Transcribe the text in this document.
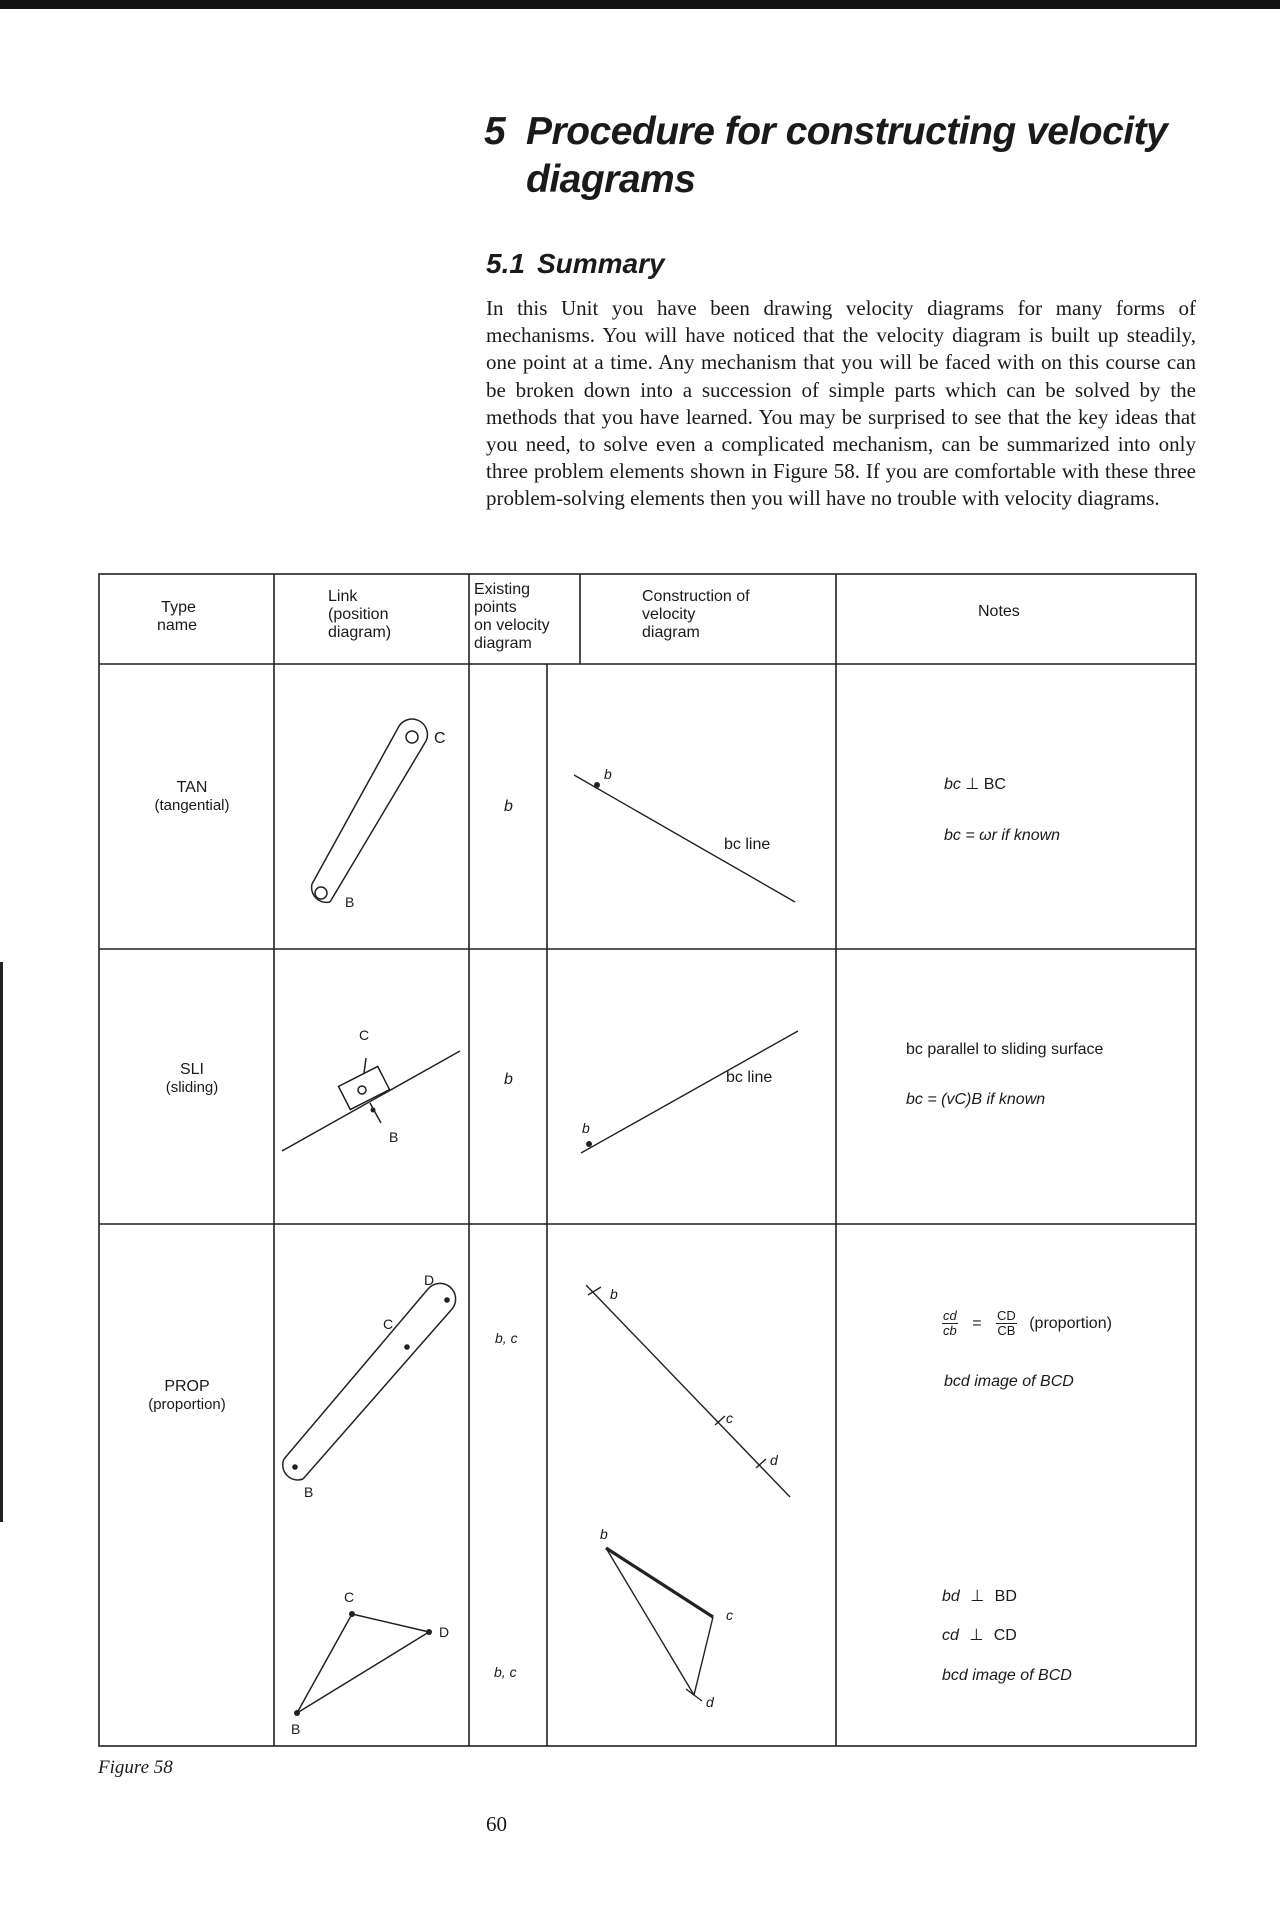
5 Procedure for constructing velocity
diagrams
5.1 Summary

In this Unit you have been drawing velocity diagrams for many forms of mechanisms. You will have noticed that the velocity diagram is built up steadily, one point at a time. Any mechanism that you will be faced with on this course can be broken down into a succession of simple parts which can be solved by the methods that you have learned. You may be surprised to see that the key ideas that you need, to solve even a complicated mechanism, can be summarized into only three problem elements shown in Figure 58. If you are comfortable with these three problem-solving elements then you will have no trouble with velocity diagrams.

Type
name
Link
(position
diagram)
Existing
points
on velocity
diagram
Construction of
velocity
diagram
Notes
TAN
(tangential)
C
B
b
b
bc line
bc ⊥ BC
bc = ωr if known
SLI
(sliding)
C
B
b
b
bc line
bc parallel to sliding surface
bc = (vC)B if known
PROP
(proportion)
D
C
B
b, c
b
c
d
$\frac{cd}{cb} = \frac{CD}{CB}$ (proportion)
bcd image of BCD
C
D
B
b, c
b
c
d
bd ⊥ BD
cd ⊥ CD
bcd image of BCD
Figure 58
60
